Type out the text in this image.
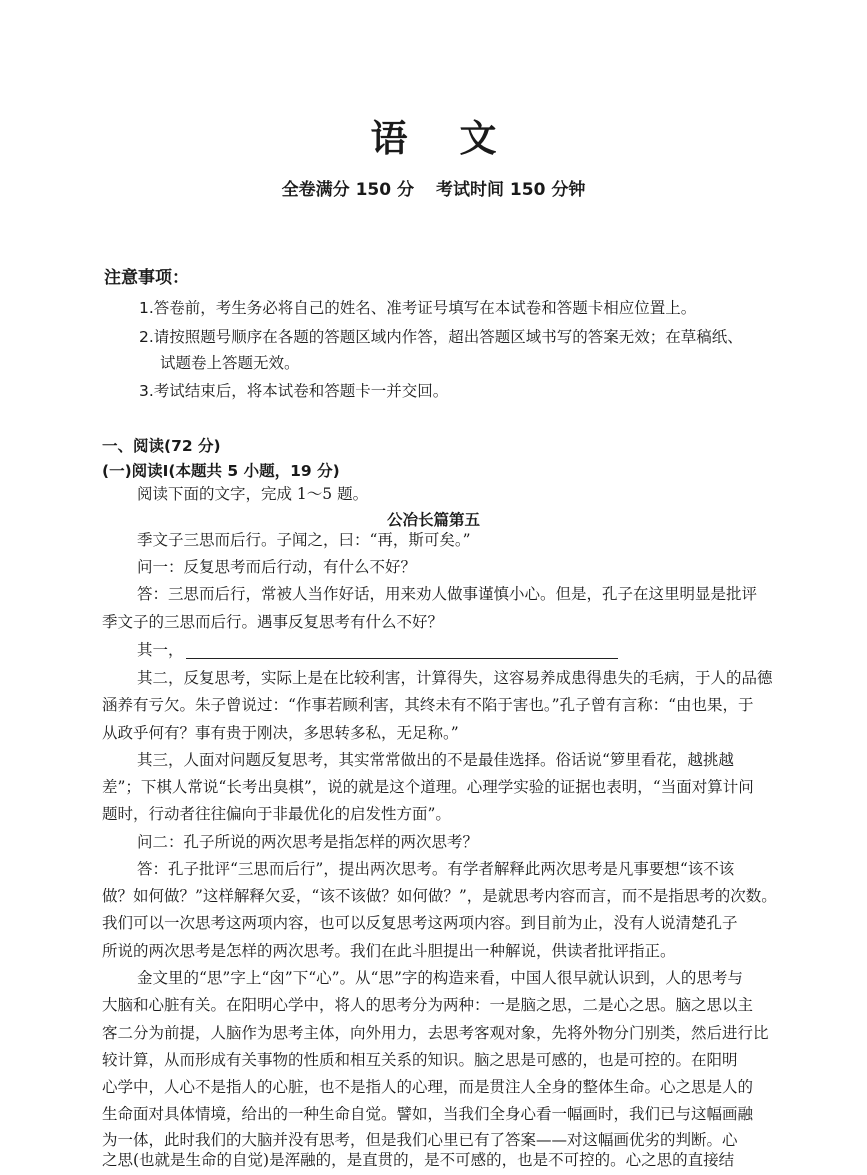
语文
全卷满分 150 分 考试时间 150 分钟
注意事项：
1.答卷前，考生务必将自己的姓名、准考证号填写在本试卷和答题卡相应位置上。
2.请按照题号顺序在各题的答题区域内作答，超出答题区域书写的答案无效；在草稿纸、
试题卷上答题无效。
3.考试结束后，将本试卷和答题卡一并交回。
一、阅读(72 分)
(一)阅读Ⅰ(本题共 5 小题，19 分)
阅读下面的文字，完成 1～5 题。
公冶长篇第五
季文子三思而后行。子闻之，曰：“再，斯可矣。”
问一：反复思考而后行动，有什么不好？
答：三思而后行，常被人当作好话，用来劝人做事谨慎小心。但是，孔子在这里明显是批评
季文子的三思而后行。遇事反复思考有什么不好？
其一，
其二，反复思考，实际上是在比较利害，计算得失，这容易养成患得患失的毛病，于人的品德
涵养有亏欠。朱子曾说过：“作事若顾利害，其终未有不陷于害也。”孔子曾有言称：“由也果，于
从政乎何有？事有贵于刚决，多思转多私，无足称。”
其三，人面对问题反复思考，其实常常做出的不是最佳选择。俗话说“箩里看花，越挑越
差”；下棋人常说“长考出臭棋”，说的就是这个道理。心理学实验的证据也表明，“当面对算计问
题时，行动者往往偏向于非最优化的启发性方面”。
问二：孔子所说的两次思考是指怎样的两次思考？
答：孔子批评“三思而后行”，提出两次思考。有学者解释此两次思考是凡事要想“该不该
做？如何做？”这样解释欠妥，“该不该做？如何做？”，是就思考内容而言，而不是指思考的次数。
我们可以一次思考这两项内容，也可以反复思考这两项内容。到目前为止，没有人说清楚孔子
所说的两次思考是怎样的两次思考。我们在此斗胆提出一种解说，供读者批评指正。
金文里的“思”字上“囟”下“心”。从“思”字的构造来看，中国人很早就认识到，人的思考与
大脑和心脏有关。在阳明心学中，将人的思考分为两种：一是脑之思，二是心之思。脑之思以主
客二分为前提，人脑作为思考主体，向外用力，去思考客观对象，先将外物分门别类，然后进行比
较计算，从而形成有关事物的性质和相互关系的知识。脑之思是可感的，也是可控的。在阳明
心学中，人心不是指人的心脏，也不是指人的心理，而是贯注人全身的整体生命。心之思是人的
生命面对具体情境，给出的一种生命自觉。譬如，当我们全身心看一幅画时，我们已与这幅画融
为一体，此时我们的大脑并没有思考，但是我们心里已有了答案——对这幅画优劣的判断。心
之思(也就是生命的自觉)是浑融的，是直贯的，是不可感的，也是不可控的。心之思的直接结
